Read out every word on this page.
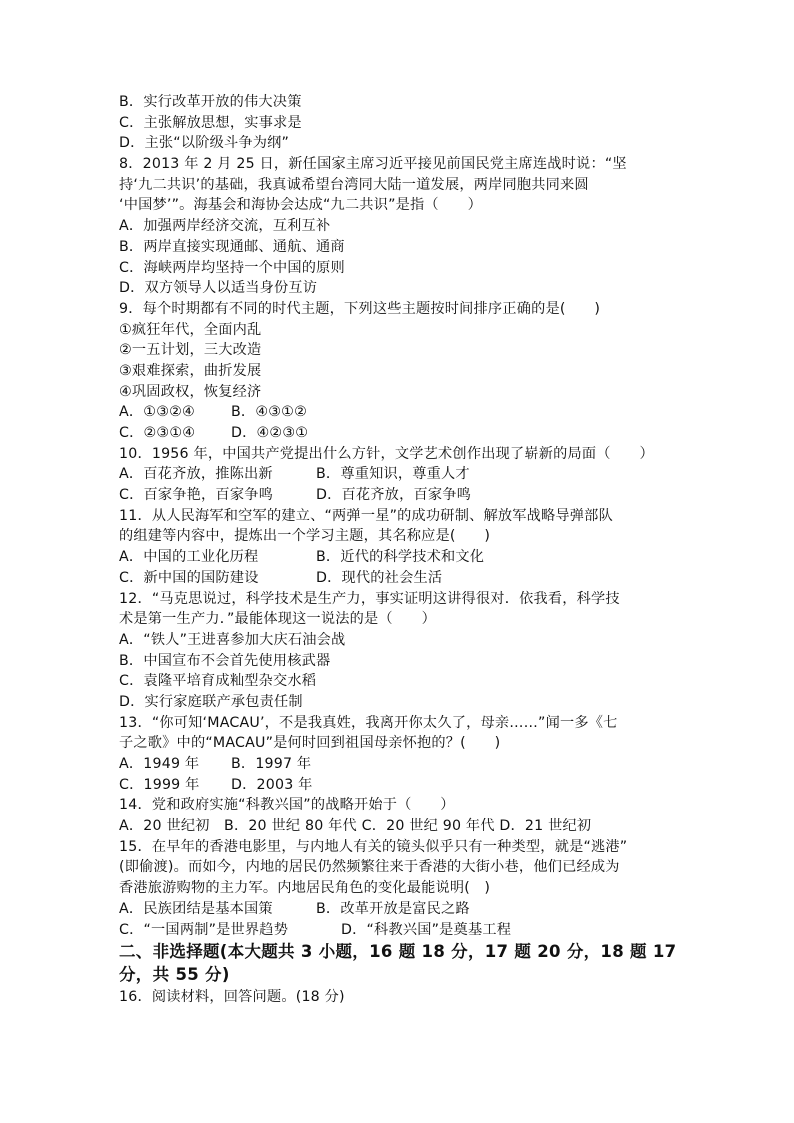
B．实行改革开放的伟大决策
C．主张解放思想，实事求是
D．主张“以阶级斗争为纲”
8．2013 年 2 月 25 日，新任国家主席习近平接见前国民党主席连战时说：“坚
持‘九二共识’的基础，我真诚希望台湾同大陆一道发展，两岸同胞共同来圆
‘中国梦’”。海基会和海协会达成“九二共识”是指（　　）
A．加强两岸经济交流，互利互补
B．两岸直接实现通邮、通航、通商
C．海峡两岸均坚持一个中国的原则
D．双方领导人以适当身份互访
9．每个时期都有不同的时代主题，下列这些主题按时间排序正确的是(　　)
①疯狂年代，全面内乱
②一五计划，三大改造
③艰难探索，曲折发展
④巩固政权，恢复经济
A．①③②④	B．④③①②
C．②③①④	D．④②③①
10．1956 年，中国共产党提出什么方针，文学艺术创作出现了崭新的局面（　　）
A．百花齐放，推陈出新	B．尊重知识，尊重人才
C．百家争艳，百家争鸣	D．百花齐放，百家争鸣
11．从人民海军和空军的建立、“两弹一星”的成功研制、解放军战略导弹部队
的组建等内容中，提炼出一个学习主题，其名称应是(　　)
A．中国的工业化历程	B．近代的科学技术和文化
C．新中国的国防建设	D．现代的社会生活
12．“马克思说过，科学技术是生产力，事实证明这讲得很对．依我看，科学技
术是第一生产力．”最能体现这一说法的是（　　）
A．“铁人”王进喜参加大庆石油会战
B．中国宣布不会首先使用核武器
C．袁隆平培育成籼型杂交水稻
D．实行家庭联产承包责任制
13．“你可知‘MACAU’，不是我真姓，我离开你太久了，母亲……”闻一多《七
子之歌》中的“MACAU”是何时回到祖国母亲怀抱的？(　　)
A．1949 年	B．1997 年
C．1999 年	D．2003 年
14．党和政府实施“科教兴国”的战略开始于（　　）
A．20 世纪初　B．20 世纪 80 年代 C．20 世纪 90 年代 D．21 世纪初
15．在早年的香港电影里，与内地人有关的镜头似乎只有一种类型，就是“逃港”
(即偷渡)。而如今，内地的居民仍然频繁往来于香港的大街小巷，他们已经成为
香港旅游购物的主力军。内地居民角色的变化最能说明(　)
A．民族团结是基本国策	B．改革开放是富民之路
C．“一国两制”是世界趋势	D．“科教兴国”是奠基工程
二、非选择题(本大题共 3 小题，16 题 18 分，17 题 20 分，18 题 17
分，共 55 分)
16．阅读材料，回答问题。(18 分)
